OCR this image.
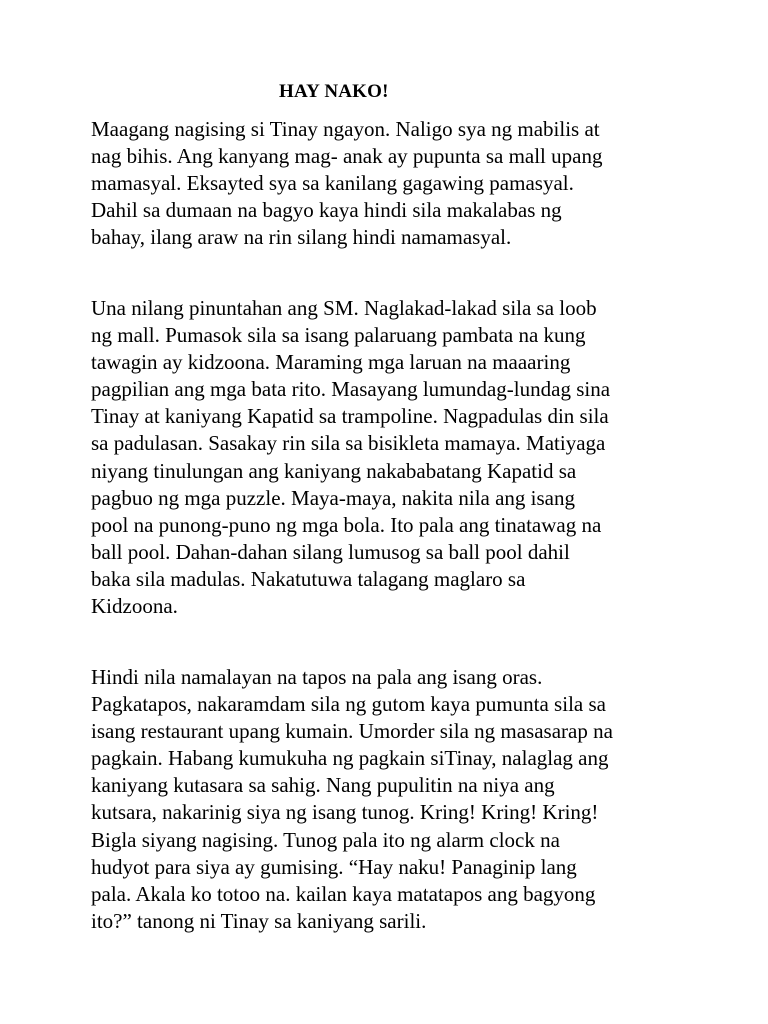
HAY NAKO!

Maagang nagising si Tinay ngayon. Naligo sya ng mabilis at
nag bihis. Ang kanyang mag- anak ay pupunta sa mall upang
mamasyal. Eksayted sya sa kanilang gagawing pamasyal.
Dahil sa dumaan na bagyo kaya hindi sila makalabas ng
bahay, ilang araw na rin silang hindi namamasyal.

Una nilang pinuntahan ang SM. Naglakad-lakad sila sa loob
ng mall. Pumasok sila sa isang palaruang pambata na kung
tawagin ay kidzoona. Maraming mga laruan na maaaring
pagpilian ang mga bata rito. Masayang lumundag-lundag sina
Tinay at kaniyang Kapatid sa trampoline. Nagpadulas din sila
sa padulasan. Sasakay rin sila sa bisikleta mamaya. Matiyaga
niyang tinulungan ang kaniyang nakababatang Kapatid sa
pagbuo ng mga puzzle. Maya-maya, nakita nila ang isang
pool na punong-puno ng mga bola. Ito pala ang tinatawag na
ball pool. Dahan-dahan silang lumusog sa ball pool dahil
baka sila madulas. Nakatutuwa talagang maglaro sa
Kidzoona.

Hindi nila namalayan na tapos na pala ang isang oras.
Pagkatapos, nakaramdam sila ng gutom kaya pumunta sila sa
isang restaurant upang kumain. Umorder sila ng masasarap na
pagkain. Habang kumukuha ng pagkain siTinay, nalaglag ang
kaniyang kutasara sa sahig. Nang pupulitin na niya ang
kutsara, nakarinig siya ng isang tunog. Kring! Kring! Kring!
Bigla siyang nagising. Tunog pala ito ng alarm clock na
hudyot para siya ay gumising. “Hay naku! Panaginip lang
pala. Akala ko totoo na. kailan kaya matatapos ang bagyong
ito?” tanong ni Tinay sa kaniyang sarili.
